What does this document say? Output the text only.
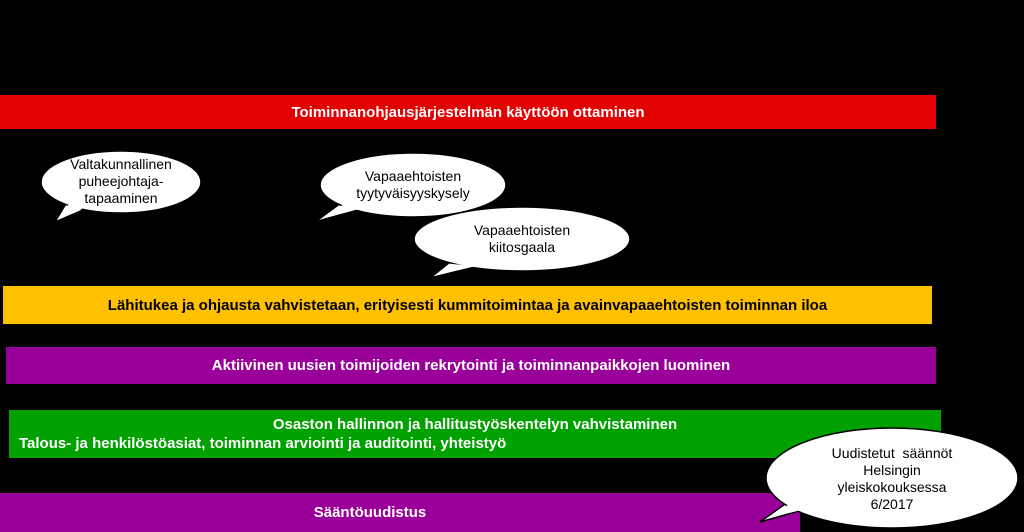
Toiminnanohjausjärjestelmän käyttöön ottaminen
Lähitukea ja ohjausta vahvistetaan, erityisesti kummitoimintaa ja avainvapaaehtoisten toiminnan iloa
Aktiivinen uusien toimijoiden rekrytointi ja toiminnanpaikkojen luominen
Osaston hallinnon ja hallitustyöskentelyn vahvistaminen
Talous- ja henkilöstöasiat, toiminnan arviointi ja auditointi, yhteistyö
Sääntöuudistus
Valtakunnallinen
puheejohtaja-
tapaaminen
Vapaaehtoisten
tyytyväisyyskysely
Vapaaehtoisten
kiitosgaala
Uudistetut  säännöt
Helsingin
yleiskokouksessa
6/2017
